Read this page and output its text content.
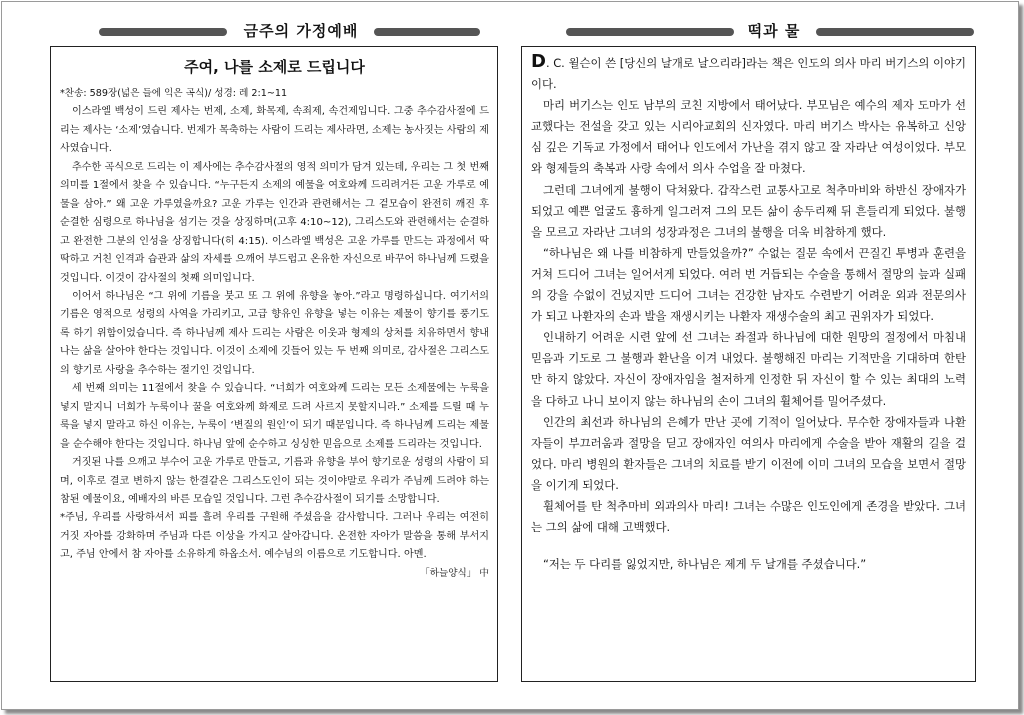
금주의 가정예배	떡과 물
주여, 나를 소제로 드립니다

*찬송: 589장(넓은 들에 익은 곡식)/ 성경: 레 2:1~11

이스라엘 백성이 드린 제사는 번제, 소제, 화목제, 속죄제, 속건제입니다. 그중 추수감사절에 드리는 제사는 ‘소제’였습니다. 번제가 목축하는 사람이 드리는 제사라면, 소제는 농사짓는 사람의 제사였습니다.

추수한 곡식으로 드리는 이 제사에는 추수감사절의 영적 의미가 담겨 있는데, 우리는 그 첫 번째 의미를 1절에서 찾을 수 있습니다. “누구든지 소제의 예물을 여호와께 드리려거든 고운 가루로 예물을 삼아.” 왜 고운 가루였을까요? 고운 가루는 인간과 관련해서는 그 겉모습이 완전히 깨진 후 순결한 심령으로 하나님을 섬기는 것을 상징하며(고후 4:10~12), 그리스도와 관련해서는 순결하고 완전한 그분의 인성을 상징합니다(히 4:15). 이스라엘 백성은 고운 가루를 만드는 과정에서 딱딱하고 거친 인격과 습관과 삶의 자세를 으깨어 부드럽고 온유한 자신으로 바꾸어 하나님께 드렸을 것입니다. 이것이 감사절의 첫째 의미입니다.

이어서 하나님은 “그 위에 기름을 붓고 또 그 위에 유향을 놓아.”라고 명령하십니다. 여기서의 기름은 영적으로 성령의 사역을 가리키고, 고급 향유인 유향을 넣는 이유는 제물이 향기를 풍기도록 하기 위함이었습니다. 즉 하나님께 제사 드리는 사람은 이웃과 형제의 상처를 치유하면서 향내 나는 삶을 살아야 한다는 것입니다. 이것이 소제에 깃들어 있는 두 번째 의미로, 감사절은 그리스도의 향기로 사랑을 추수하는 절기인 것입니다.

세 번째 의미는 11절에서 찾을 수 있습니다. “너희가 여호와께 드리는 모든 소제물에는 누룩을 넣지 말지니 너희가 누룩이나 꿀을 여호와께 화제로 드려 사르지 못할지니라.” 소제를 드릴 때 누룩을 넣지 말라고 하신 이유는, 누룩이 ‘변질의 원인’이 되기 때문입니다. 즉 하나님께 드리는 제물을 순수해야 한다는 것입니다. 하나님 앞에 순수하고 싱싱한 믿음으로 소제를 드리라는 것입니다.

거짓된 나를 으깨고 부수어 고운 가루로 만들고, 기름과 유향을 부어 향기로운 성령의 사람이 되며, 이후로 결코 변하지 않는 한결같은 그리스도인이 되는 것이야말로 우리가 주님께 드려야 하는 참된 예물이요, 예배자의 바른 모습일 것입니다. 그런 추수감사절이 되기를 소망합니다.

*주님, 우리를 사랑하셔서 피를 흘려 우리를 구원해 주셨음을 감사합니다. 그러나 우리는 여전히 거짓 자아를 강화하며 주님과 다른 이상을 가지고 살아갑니다. 온전한 자아가 말씀을 통해 부서지고, 주님 안에서 참 자아를 소유하게 하옵소서. 예수님의 이름으로 기도합니다. 아멘.
「하늘양식」 中

D. C. 윌슨이 쓴 [당신의 날개로 날으리라]라는 책은 인도의 의사 마리 버기스의 이야기이다.

마리 버기스는 인도 남부의 코친 지방에서 태어났다. 부모님은 예수의 제자 도마가 선교했다는 전설을 갖고 있는 시리아교회의 신자였다. 마리 버기스 박사는 유복하고 신앙심 깊은 기독교 가정에서 태어나 인도에서 가난을 겪지 않고 잘 자라난 여성이었다. 부모와 형제들의 축복과 사랑 속에서 의사 수업을 잘 마쳤다.

그런데 그녀에게 불행이 닥쳐왔다. 갑작스런 교통사고로 척추마비와 하반신 장애자가 되었고 예쁜 얼굴도 흉하게 일그러져 그의 모든 삶이 송두리째 뒤 흔들리게 되었다. 불행을 모르고 자라난 그녀의 성장과정은 그녀의 불행을 더욱 비참하게 했다.

“하나님은 왜 나를 비참하게 만들었을까?” 수없는 질문 속에서 끈질긴 투병과 훈련을 거쳐 드디어 그녀는 일어서게 되었다. 여러 번 거듭되는 수술을 통해서 절망의 늪과 실패의 강을 수없이 건넜지만 드디어 그녀는 건강한 남자도 수련받기 어려운 외과 전문의사가 되고 나환자의 손과 발을 재생시키는 나환자 재생수술의 최고 권위자가 되었다.

인내하기 어려운 시련 앞에 선 그녀는 좌절과 하나님에 대한 원망의 절정에서 마침내 믿음과 기도로 그 불행과 환난을 이겨 내었다. 불행해진 마리는 기적만을 기대하며 한탄만 하지 않았다. 자신이 장애자임을 철저하게 인정한 뒤 자신이 할 수 있는 최대의 노력을 다하고 나니 보이지 않는 하나님의 손이 그녀의 휠체어를 밀어주셨다.

인간의 최선과 하나님의 은혜가 만난 곳에 기적이 일어났다. 무수한 장애자들과 나환자들이 부끄러움과 절망을 딛고 장애자인 여의사 마리에게 수술을 받아 재활의 길을 걸었다. 마리 병원의 환자들은 그녀의 치료를 받기 이전에 이미 그녀의 모습을 보면서 절망을 이기게 되었다.

휠체어를 탄 척추마비 외과의사 마리! 그녀는 수많은 인도인에게 존경을 받았다. 그녀는 그의 삶에 대해 고백했다.

“저는 두 다리를 잃었지만, 하나님은 제게 두 날개를 주셨습니다.”
